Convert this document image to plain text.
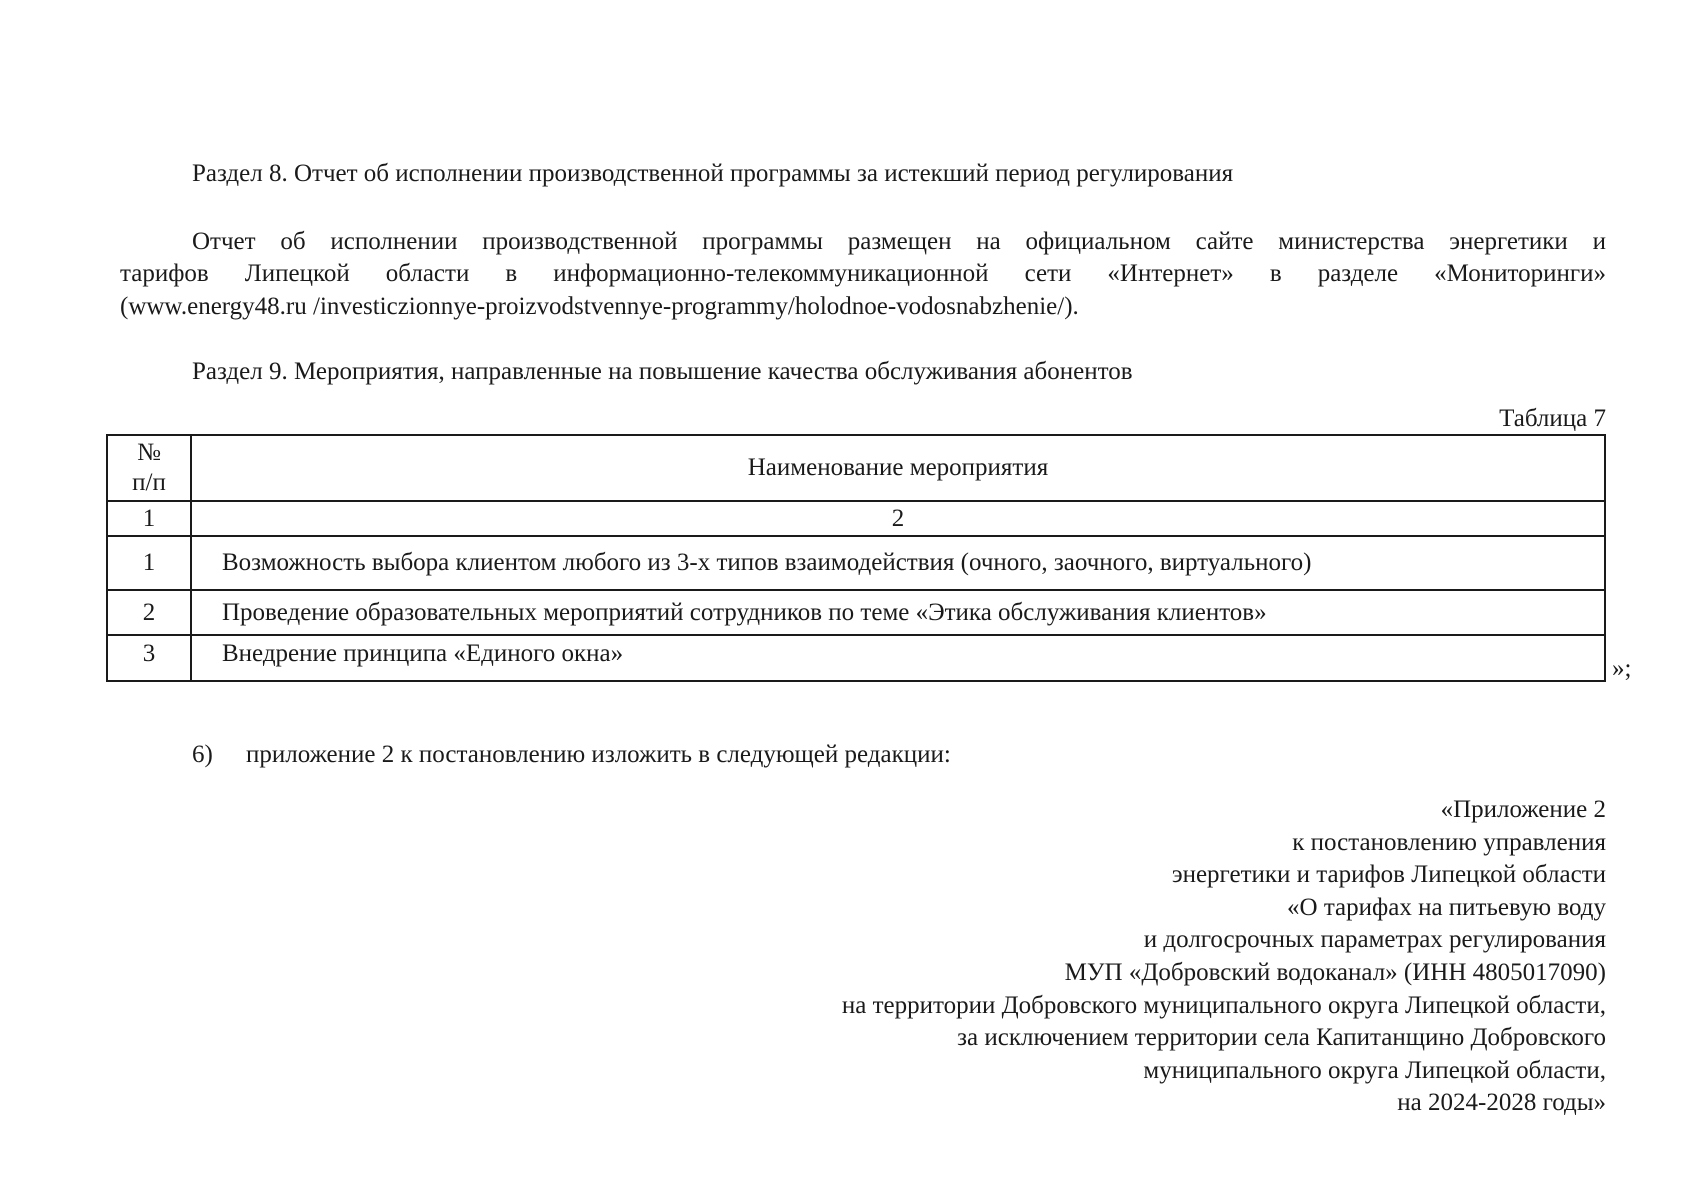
Раздел 8. Отчет об исполнении производственной программы за истекший период регулирования
Отчет об исполнении производственной программы размещен на официальном сайте министерства энергетики и
тарифов Липецкой области в информационно-телекоммуникационной сети «Интернет» в разделе «Мониторинги»
(www.energy48.ru /investiczionnye-proizvodstvennye-programmy/holodnoe-vodosnabzhenie/).
Раздел 9. Мероприятия, направленные на повышение качества обслуживания абонентов
Таблица 7
№
п/п	Наименование мероприятия
1	2
1	Возможность выбора клиентом любого из 3-х типов взаимодействия (очного, заочного, виртуального)
2	Проведение образовательных мероприятий сотрудников по теме «Этика обслуживания клиентов»
3	Внедрение принципа «Единого окна»
»;
6) приложение 2 к постановлению изложить в следующей редакции:
«Приложение 2
к постановлению управления
энергетики и тарифов Липецкой области
«О тарифах на питьевую воду
и долгосрочных параметрах регулирования
МУП «Добровский водоканал» (ИНН 4805017090)
на территории Добровского муниципального округа Липецкой области,
за исключением территории села Капитанщино Добровского
муниципального округа Липецкой области,
на 2024-2028 годы»
